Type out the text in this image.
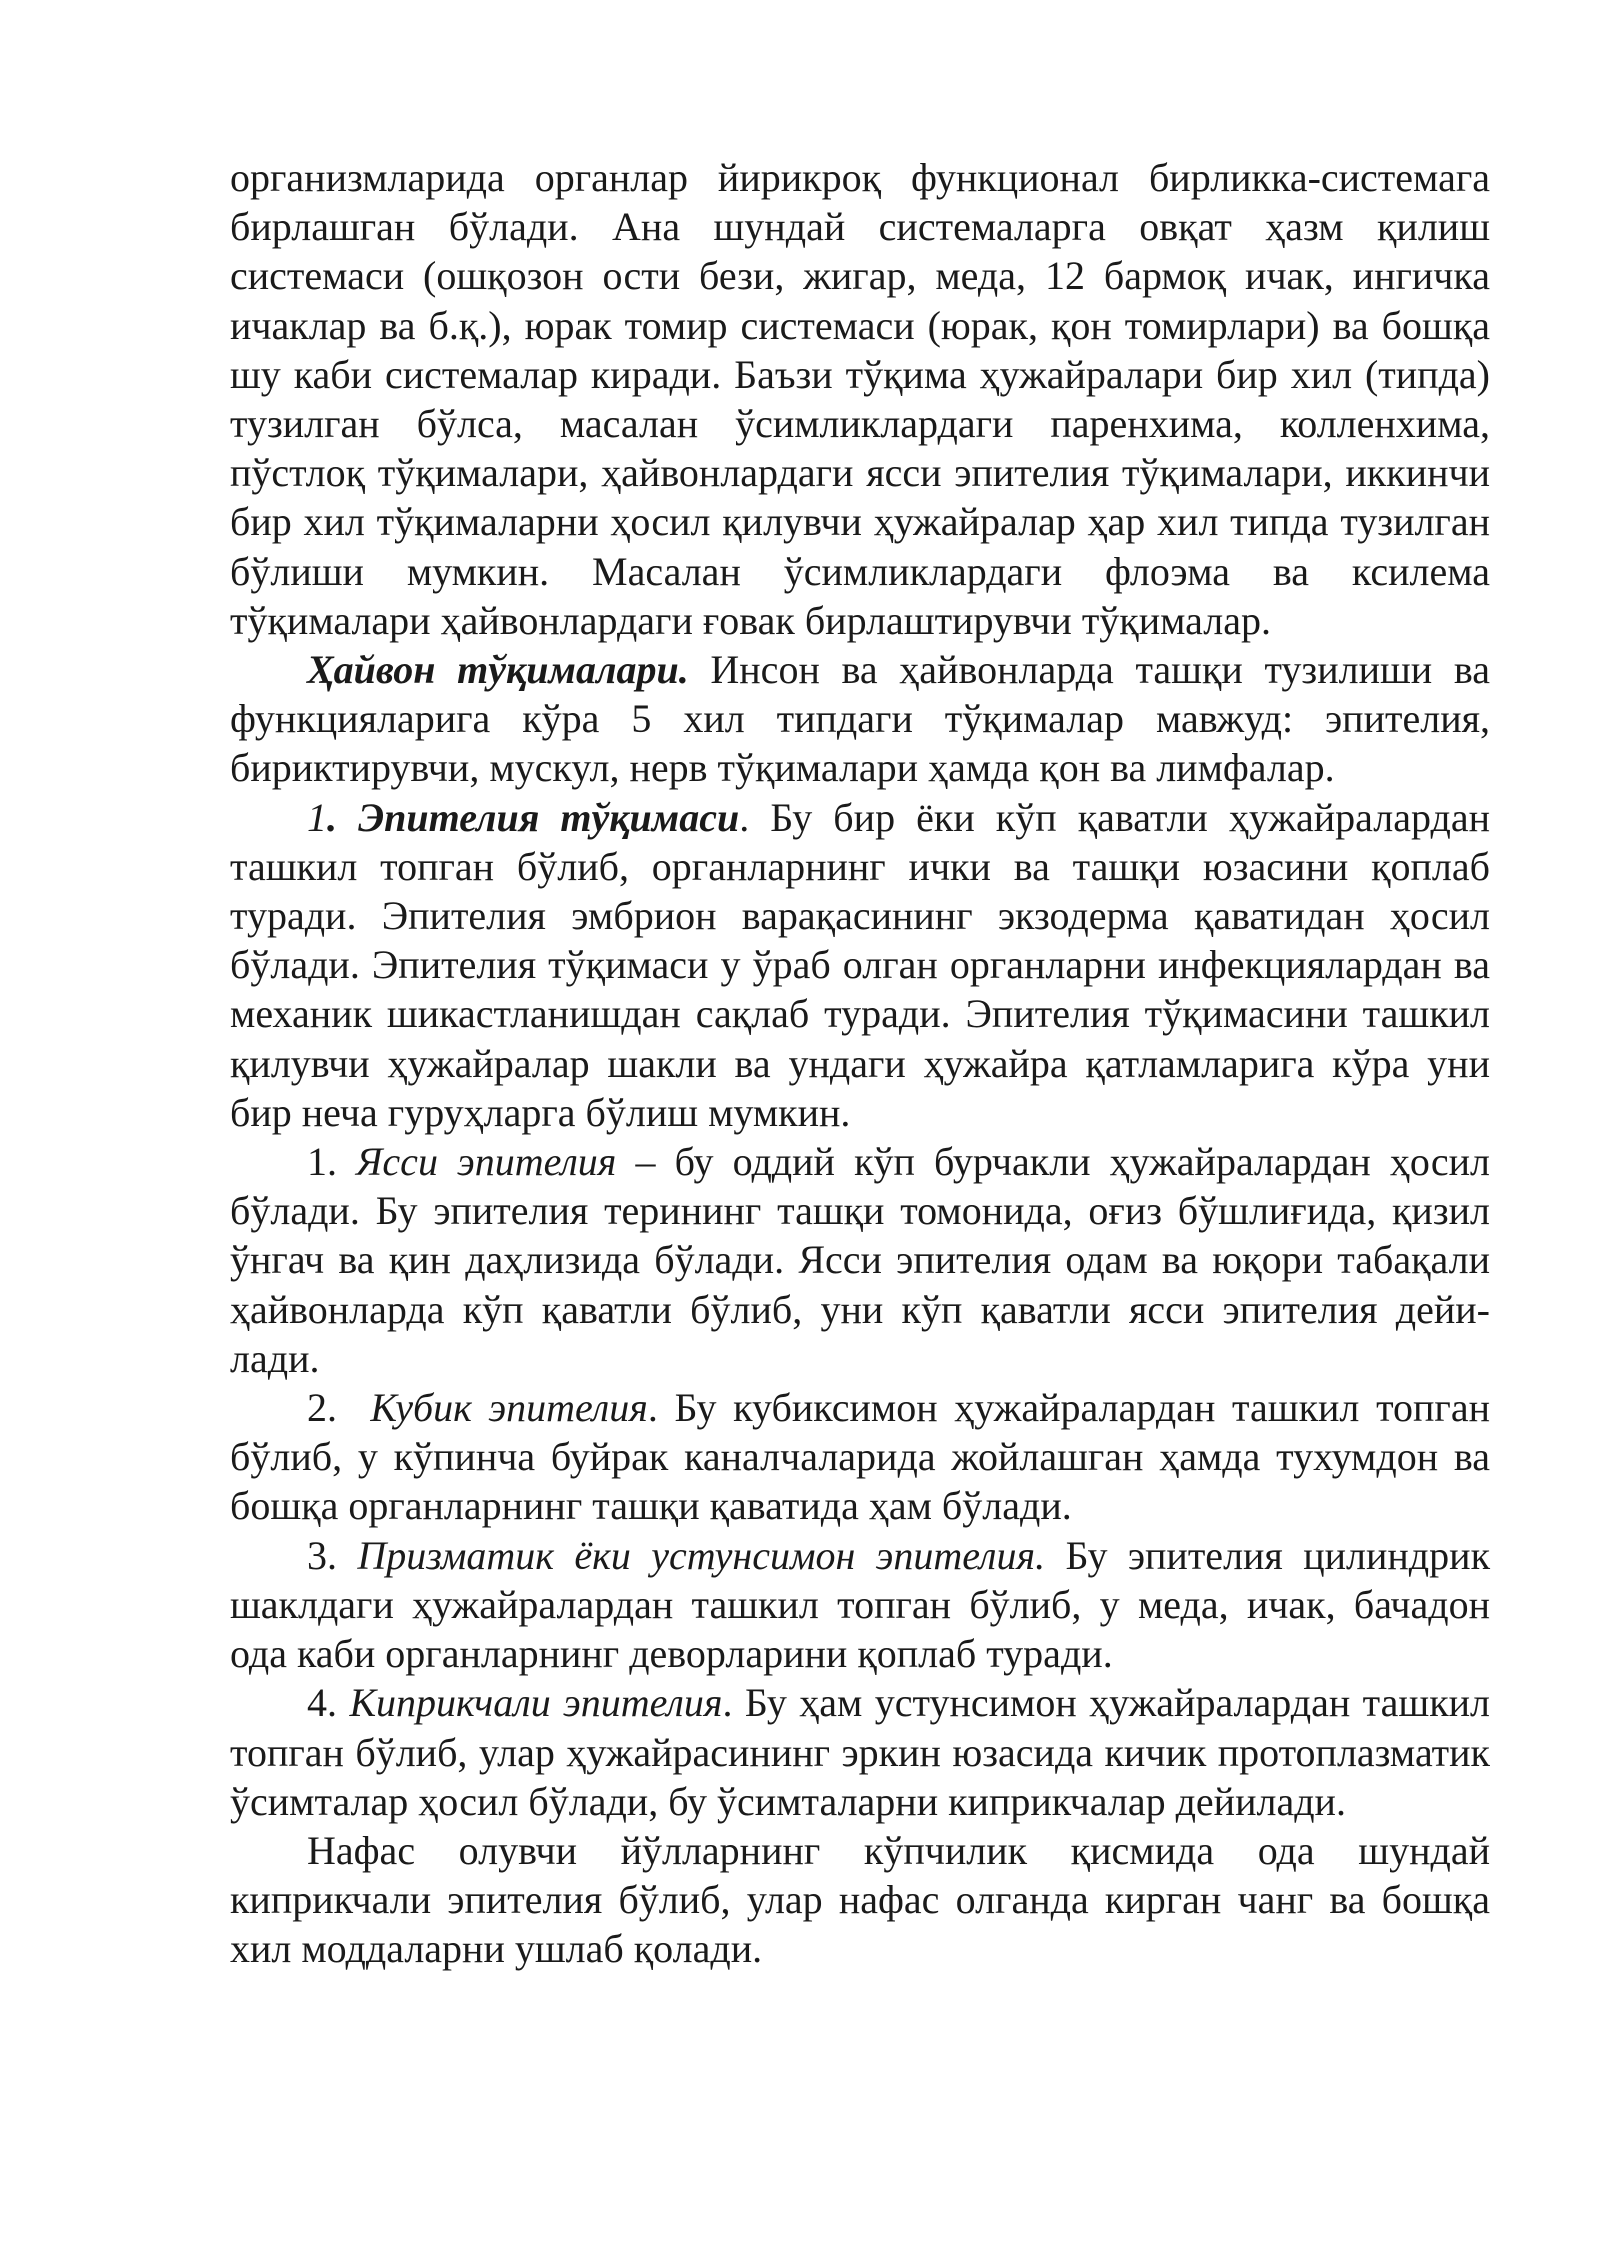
организмларида органлар йирикроқ функционал бирликка-системага бирлашган бўлади. Ана шундай системаларга овқат ҳазм қилиш системаси (ошқозон ости бези, жигар, меда, 12 бармоқ ичак, ингичка ичаклар ва б.қ.), юрак томир системаси (юрак, қон томирлари) ва бошқа шу каби системалар киради. Баъзи тўқима ҳужайралари бир хил (типда) тузилган бўлса, масалан ўсимликлардаги паренхима, колленхима, пўстлоқ тўқималари, ҳайвонлардаги ясси эпителия тўқималари, иккинчи бир хил тўқималарни ҳосил қилувчи ҳужайралар ҳар хил типда тузилган бўлиши мумкин. Масалан ўсимликлардаги флоэма ва ксилема тўқималари ҳайвонлардаги ғовак бирлаштирувчи тўқималар.

Ҳайвон тўқималари. Инсон ва ҳайвонларда ташқи тузилиши ва функцияларига кўра 5 хил типдаги тўқималар мавжуд: эпителия, бириктирувчи, мускул, нерв тўқималари ҳамда қон ва лимфалар.

1. Эпителия тўқимаси. Бу бир ёки кўп қаватли ҳужайралардан ташкил топган бўлиб, органларнинг ички ва ташқи юзасини қоплаб туради. Эпителия эмбрион варақасининг экзодерма қаватидан ҳосил бўлади. Эпителия тўқимаси у ўраб олган органларни инфекциялардан ва механик шикастланишдан сақлаб туради. Эпителия тўқимасини ташкил қилувчи ҳужайралар шакли ва ундаги ҳужайра қатламларига кўра уни бир неча гуруҳларга бўлиш мумкин.

1. Ясси эпителия – бу оддий кўп бурчакли ҳужайралардан ҳосил бўлади. Бу эпителия терининг ташқи томонида, оғиз бўшлиғида, қизил ўнгач ва қин даҳлизида бўлади. Ясси эпителия одам ва юқори табақали ҳайвонларда кўп қаватли бўлиб, уни кўп қаватли ясси эпителия дейи-лади.

2.  Кубик эпителия. Бу кубиксимон ҳужайралардан ташкил топган бўлиб, у кўпинча буйрак каналчаларида жойлашган ҳамда тухумдон ва бошқа органларнинг ташқи қаватида ҳам бўлади.

3. Призматик ёки устунсимон эпителия. Бу эпителия цилиндрик шаклдаги ҳужайралардан ташкил топган бўлиб, у меда, ичак, бачадон ода каби органларнинг деворларини қоплаб туради.

4. Киприкчали эпителия. Бу ҳам устунсимон ҳужайралардан ташкил топган бўлиб, улар ҳужайрасининг эркин юзасида кичик протоплазматик ўсимталар ҳосил бўлади, бу ўсимталарни киприкчалар дейилади.

Нафас олувчи йўлларнинг кўпчилик қисмида ода шундай киприкчали эпителия бўлиб, улар нафас олганда кирган чанг ва бошқа хил моддаларни ушлаб қолади.
